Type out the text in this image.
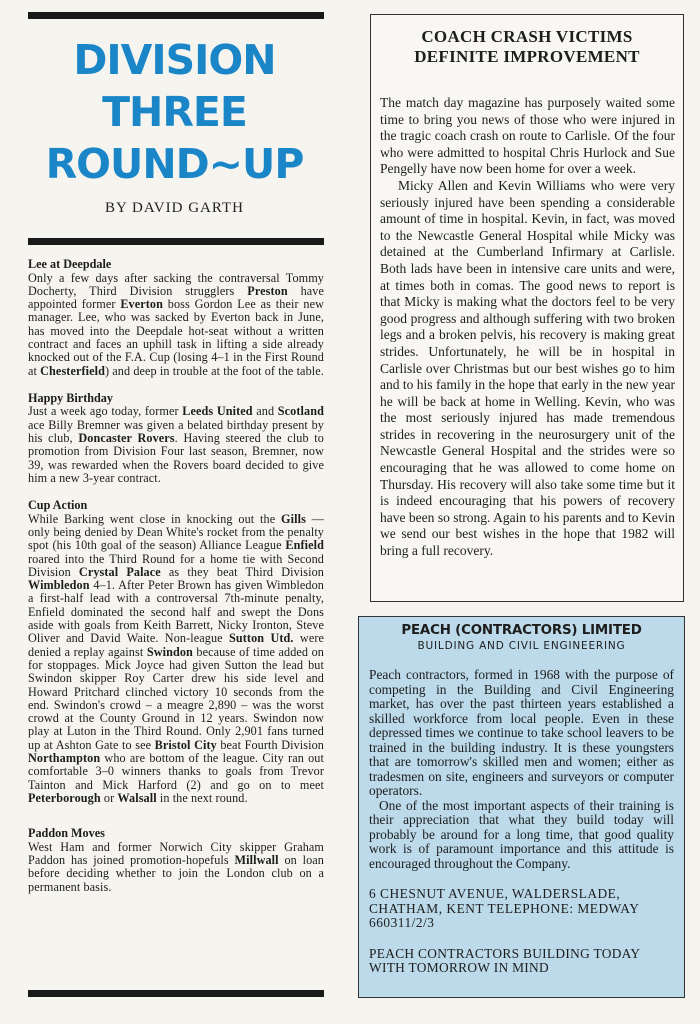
DIVISION
THREE
ROUND~UP
BY DAVID GARTH
Lee at Deepdale

Only a few days after sacking the contraversal Tommy Docherty, Third Division strugglers Preston have appointed former Everton boss Gordon Lee as their new manager. Lee, who was sacked by Everton back in June, has moved into the Deepdale hot-seat without a written contract and faces an uphill task in lifting a side already knocked out of the F.A. Cup (losing 4–1 in the First Round at Chesterfield) and deep in trouble at the foot of the table.

Happy Birthday

Just a week ago today, former Leeds United and Scotland ace Billy Bremner was given a belated birthday present by his club, Doncaster Rovers. Having steered the club to promotion from Division Four last season, Bremner, now 39, was rewarded when the Rovers board decided to give him a new 3-year contract.

Cup Action

While Barking went close in knocking out the Gills — only being denied by Dean White's rocket from the penalty spot (his 10th goal of the season) Alliance League Enfield roared into the Third Round for a home tie with Second Division Crystal Palace as they beat Third Division Wimbledon 4–1. After Peter Brown has given Wimbledon a first-half lead with a controversal 7th-minute penalty, Enfield dominated the second half and swept the Dons aside with goals from Keith Barrett, Nicky Ironton, Steve Oliver and David Waite. Non-league Sutton Utd. were denied a replay against Swindon because of time added on for stoppages. Mick Joyce had given Sutton the lead but Swindon skipper Roy Carter drew his side level and Howard Pritchard clinched victory 10 seconds from the end. Swindon's crowd – a meagre 2,890 – was the worst crowd at the County Ground in 12 years. Swindon now play at Luton in the Third Round. Only 2,901 fans turned up at Ashton Gate to see Bristol City beat Fourth Division Northampton who are bottom of the league. City ran out comfortable 3–0 winners thanks to goals from Trevor Tainton and Mick Harford (2) and go on to meet Peterborough or Walsall in the next round.

Paddon Moves

West Ham and former Norwich City skipper Graham Paddon has joined promotion-hopefuls Millwall on loan before deciding whether to join the London club on a permanent basis.

COACH CRASH VICTIMS
DEFINITE IMPROVEMENT

The match day magazine has purposely waited some time to bring you news of those who were injured in the tragic coach crash on route to Carlisle. Of the four who were admitted to hospital Chris Hurlock and Sue Pengelly have now been home for over a week.

Micky Allen and Kevin Williams who were very seriously injured have been spending a considerable amount of time in hospital. Kevin, in fact, was moved to the Newcastle General Hospital while Micky was detained at the Cumberland Infirmary at Carlisle. Both lads have been in intensive care units and were, at times both in comas. The good news to report is that Micky is making what the doctors feel to be very good progress and although suffering with two broken legs and a broken pelvis, his recovery is making great strides. Unfortunately, he will be in hospital in Carlisle over Christmas but our best wishes go to him and to his family in the hope that early in the new year he will be back at home in Welling. Kevin, who was the most seriously injured has made tremendous strides in recovering in the neurosurgery unit of the Newcastle General Hospital and the strides were so encouraging that he was allowed to come home on Thursday. His recovery will also take some time but it is indeed encouraging that his powers of recovery have been so strong. Again to his parents and to Kevin we send our best wishes in the hope that 1982 will bring a full recovery.

PEACH (CONTRACTORS) LIMITED
BUILDING AND CIVIL ENGINEERING

Peach contractors, formed in 1968 with the purpose of competing in the Building and Civil Engineering market, has over the past thirteen years established a skilled workforce from local people. Even in these depressed times we continue to take school leavers to be trained in the building industry. It is these youngsters that are tomorrow's skilled men and women; either as tradesmen on site, engineers and surveyors or computer operators.

One of the most important aspects of their training is their appreciation that what they build today will probably be around for a long time, that good quality work is of paramount importance and this attitude is encouraged throughout the Company.

6 CHESNUT AVENUE, WALDERSLADE, CHATHAM, KENT TELEPHONE: MEDWAY 660311/2/3

PEACH CONTRACTORS BUILDING TODAY WITH TOMORROW IN MIND
